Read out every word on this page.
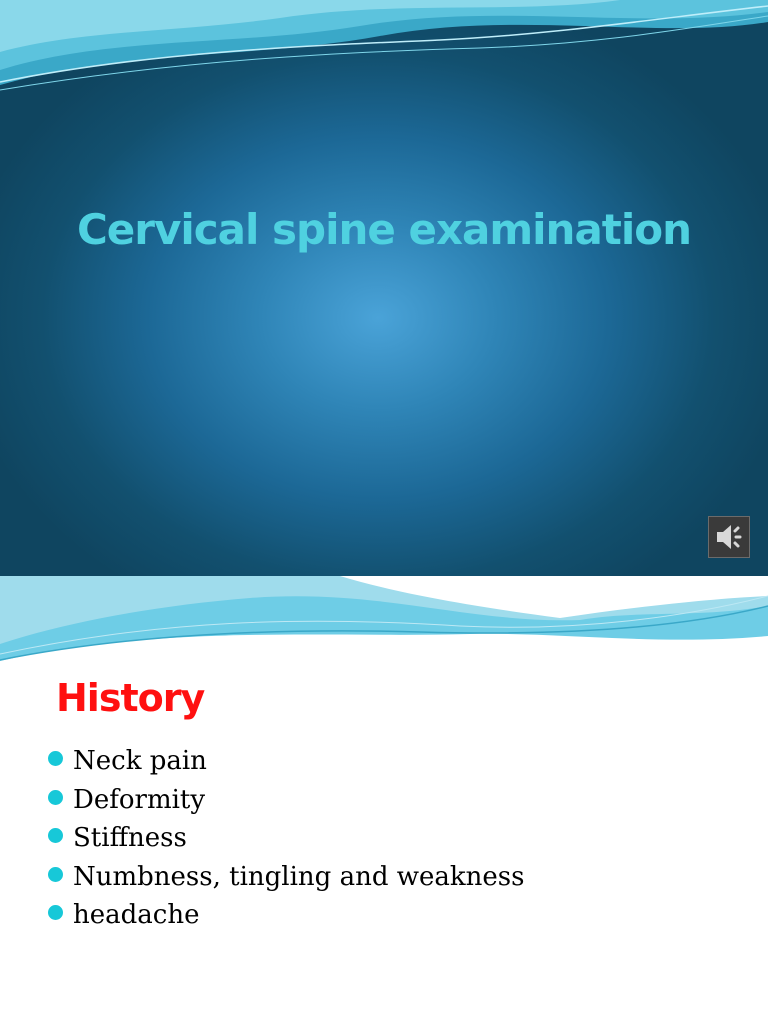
Cervical spine examination
History
Neck pain
Deformity
Stiffness
Numbness, tingling and weakness
headache
